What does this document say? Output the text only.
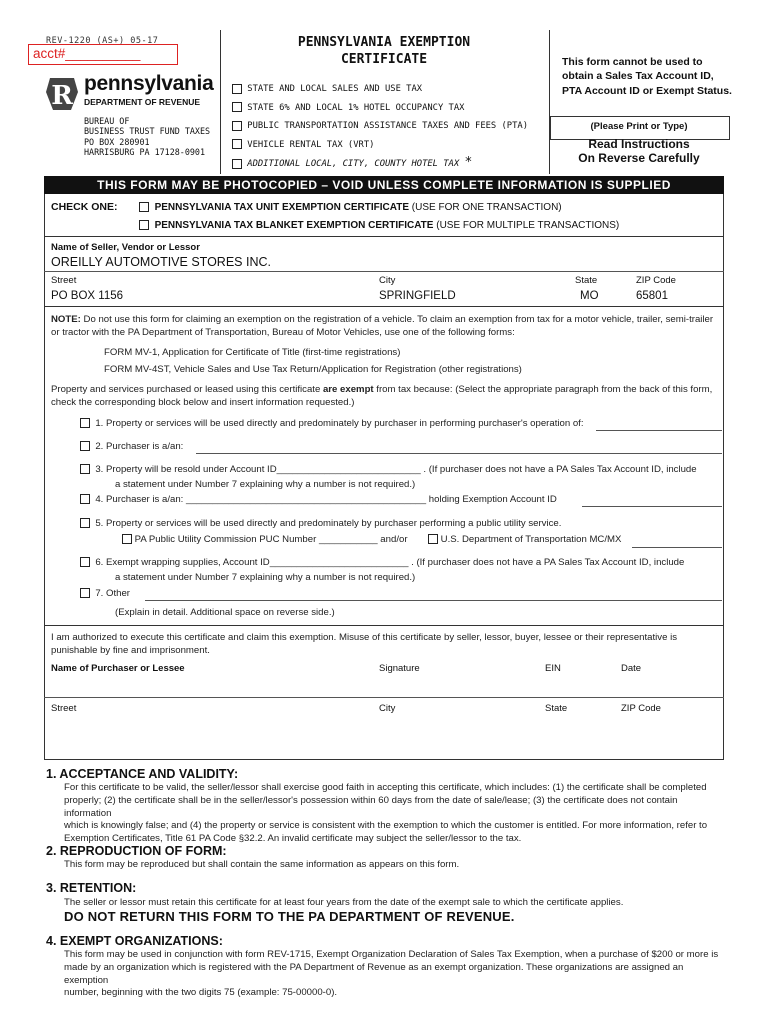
REV-1220 (AS+) 05-17
acct#__________
R pennsylvania
DEPARTMENT OF REVENUE
BUREAU OF
BUSINESS TRUST FUND TAXES
PO BOX 280901
HARRISBURG PA 17128-0901
PENNSYLVANIA EXEMPTION
CERTIFICATE
STATE AND LOCAL SALES AND USE TAX
STATE 6% AND LOCAL 1% HOTEL OCCUPANCY TAX
PUBLIC TRANSPORTATION ASSISTANCE TAXES AND FEES (PTA)
VEHICLE RENTAL TAX (VRT)
ADDITIONAL LOCAL, CITY, COUNTY HOTEL TAX *
This form cannot be used to obtain a Sales Tax Account ID, PTA Account ID or Exempt Status.
(Please Print or Type)
Read Instructions
On Reverse Carefully
THIS FORM MAY BE PHOTOCOPIED – VOID UNLESS COMPLETE INFORMATION IS SUPPLIED
CHECK ONE:	PENNSYLVANIA TAX UNIT EXEMPTION CERTIFICATE (USE FOR ONE TRANSACTION)
PENNSYLVANIA TAX BLANKET EXEMPTION CERTIFICATE (USE FOR MULTIPLE TRANSACTIONS)
Name of Seller, Vendor or Lessor
OREILLY AUTOMOTIVE STORES INC.
Street	City	State	ZIP Code
PO BOX 1156	SPRINGFIELD	MO	65801
NOTE: Do not use this form for claiming an exemption on the registration of a vehicle. To claim an exemption from tax for a motor vehicle, trailer, semi-trailer
or tractor with the PA Department of Transportation, Bureau of Motor Vehicles, use one of the following forms:
FORM MV-1, Application for Certificate of Title (first-time registrations)
FORM MV-4ST, Vehicle Sales and Use Tax Return/Application for Registration (other registrations)
Property and services purchased or leased using this certificate are exempt from tax because: (Select the appropriate paragraph from the back of this form,
check the corresponding block below and insert information requested.)
1. Property or services will be used directly and predominately by purchaser in performing purchaser's operation of:
2. Purchaser is a/an:
3. Property will be resold under Account ID___________________________ . (If purchaser does not have a PA Sales Tax Account ID, include
a statement under Number 7 explaining why a number is not required.)
4. Purchaser is a/an: _____________________________________________ holding Exemption Account ID
5. Property or services will be used directly and predominately by purchaser performing a public utility service.
PA Public Utility Commission PUC Number ___________ and/or	U.S. Department of Transportation MC/MX
6. Exempt wrapping supplies, Account ID__________________________ . (If purchaser does not have a PA Sales Tax Account ID, include
a statement under Number 7 explaining why a number is not required.)
7. Other
(Explain in detail. Additional space on reverse side.)
I am authorized to execute this certificate and claim this exemption. Misuse of this certificate by seller, lessor, buyer, lessee or their representative is
punishable by fine and imprisonment.
Name of Purchaser or Lessee	Signature	EIN	Date
Street	City	State	ZIP Code
1. ACCEPTANCE AND VALIDITY:
For this certificate to be valid, the seller/lessor shall exercise good faith in accepting this certificate, which includes: (1) the certificate shall be completed
properly; (2) the certificate shall be in the seller/lessor's possession within 60 days from the date of sale/lease; (3) the certificate does not contain information
which is knowingly false; and (4) the property or service is consistent with the exemption to which the customer is entitled. For more information, refer to
Exemption Certificates, Title 61 PA Code §32.2. An invalid certificate may subject the seller/lessor to the tax.
2. REPRODUCTION OF FORM:
This form may be reproduced but shall contain the same information as appears on this form.
3. RETENTION:
The seller or lessor must retain this certificate for at least four years from the date of the exempt sale to which the certificate applies.
DO NOT RETURN THIS FORM TO THE PA DEPARTMENT OF REVENUE.
4. EXEMPT ORGANIZATIONS:
This form may be used in conjunction with form REV-1715, Exempt Organization Declaration of Sales Tax Exemption, when a purchase of $200 or more is
made by an organization which is registered with the PA Department of Revenue as an exempt organization. These organizations are assigned an exemption
number, beginning with the two digits 75 (example: 75-00000-0).
